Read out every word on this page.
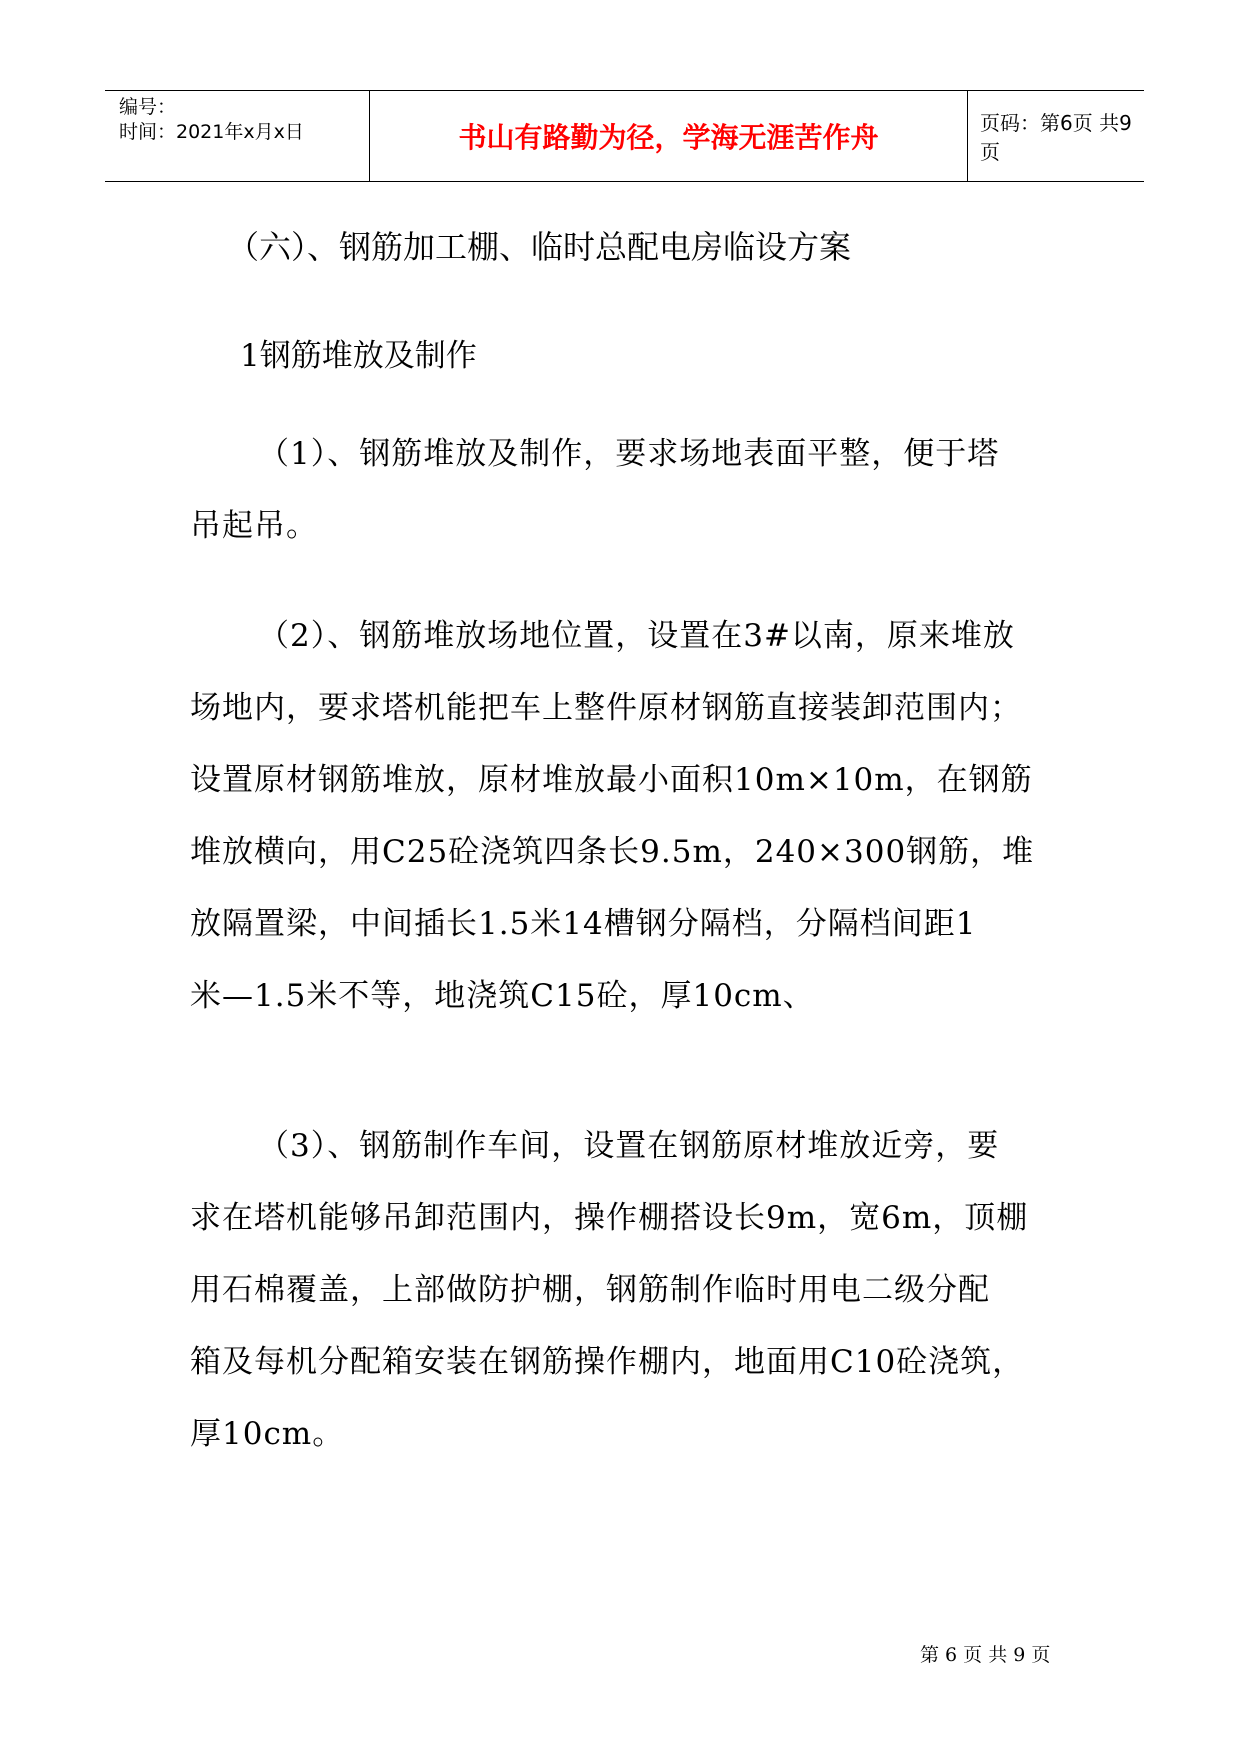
编号：
时间：2021年x月x日	书山有路勤为径，学海无涯苦作舟	页码：第6页 共9页
（六）、钢筋加工棚、临时总配电房临设方案
1钢筋堆放及制作
（1）、钢筋堆放及制作，要求场地表面平整，便于塔
吊起吊。
（2）、钢筋堆放场地位置，设置在3#以南，原来堆放
场地内，要求塔机能把车上整件原材钢筋直接装卸范围内；
设置原材钢筋堆放，原材堆放最小面积10m×10m，在钢筋
堆放横向，用C25砼浇筑四条长9.5m，240×300钢筋，堆
放隔置梁，中间插长1.5米14槽钢分隔档，分隔档间距1
米—1.5米不等，地浇筑C15砼，厚10cm、
（3）、钢筋制作车间，设置在钢筋原材堆放近旁，要
求在塔机能够吊卸范围内，操作棚搭设长9m，宽6m，顶棚
用石棉覆盖，上部做防护棚，钢筋制作临时用电二级分配
箱及每机分配箱安装在钢筋操作棚内，地面用C10砼浇筑，
厚10cm。
第 6 页 共 9 页
